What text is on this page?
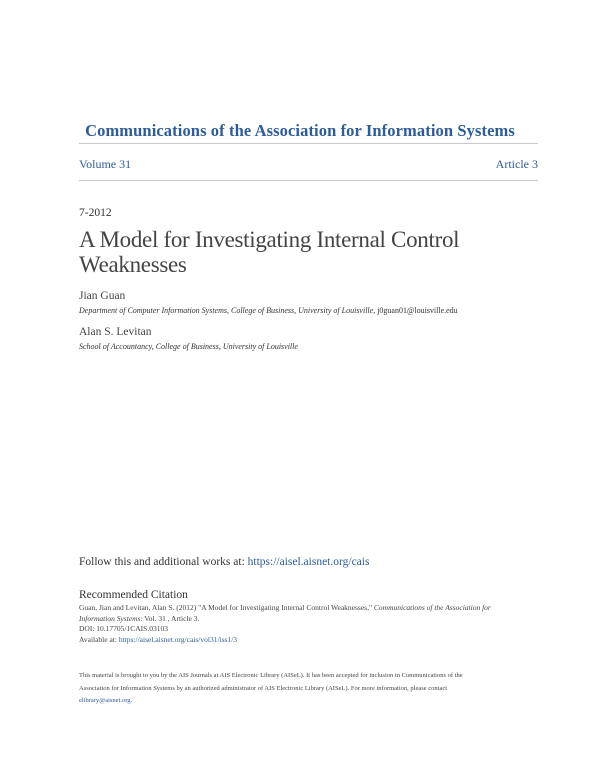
Communications of the Association for Information Systems
Volume 31	Article 3
7-2012
A Model for Investigating Internal Control
Weaknesses
Jian Guan
Department of Computer Information Systems, College of Business, University of Louisville, j0guan01@louisville.edu
Alan S. Levitan
School of Accountancy, College of Business, University of Louisville
Follow this and additional works at: https://aisel.aisnet.org/cais
Recommended Citation
Guan, Jian and Levitan, Alan S. (2012) "A Model for Investigating Internal Control Weaknesses," Communications of the Association for
Information Systems: Vol. 31 , Article 3.
DOI: 10.17705/1CAIS.03103
Available at: https://aisel.aisnet.org/cais/vol31/iss1/3
This material is brought to you by the AIS Journals at AIS Electronic Library (AISeL). It has been accepted for inclusion in Communications of the
Association for Information Systems by an authorized administrator of AIS Electronic Library (AISeL). For more information, please contact
elibrary@aisnet.org.
